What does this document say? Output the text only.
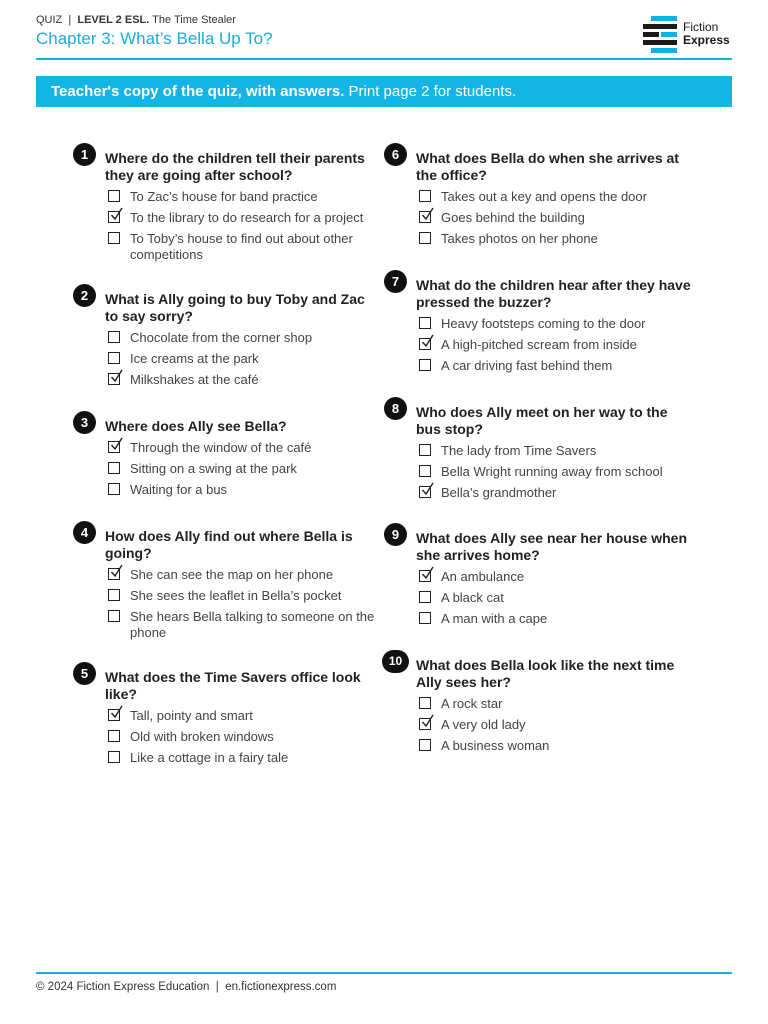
QUIZ  |  LEVEL 2 ESL. The Time Stealer
Chapter 3: What’s Bella Up To?
Fiction
Express
Teacher's copy of the quiz, with answers. Print page 2 for students.
1	Where do the children tell their parents they are going after school?
To Zac’s house for band practice
To the library to do research for a project
To Toby’s house to find out about other competitions
2	What is Ally going to buy Toby and Zac to say sorry?
Chocolate from the corner shop
Ice creams at the park
Milkshakes at the café
3	Where does Ally see Bella?
Through the window of the café
Sitting on a swing at the park
Waiting for a bus
4	How does Ally find out where Bella is going?
She can see the map on her phone
She sees the leaflet in Bella’s pocket
She hears Bella talking to someone on the phone
5	What does the Time Savers office look like?
Tall, pointy and smart
Old with broken windows
Like a cottage in a fairy tale
6	What does Bella do when she arrives at the office?
Takes out a key and opens the door
Goes behind the building
Takes photos on her phone
7	What do the children hear after they have pressed the buzzer?
Heavy footsteps coming to the door
A high-pitched scream from inside
A car driving fast behind them
8	Who does Ally meet on her way to the bus stop?
The lady from Time Savers
Bella Wright running away from school
Bella’s grandmother
9	What does Ally see near her house when she arrives home?
An ambulance
A black cat
A man with a cape
10 What does Bella look like the next time Ally sees her?
A rock star
A very old lady
A business woman
© 2024 Fiction Express Education  |  en.fictionexpress.com
